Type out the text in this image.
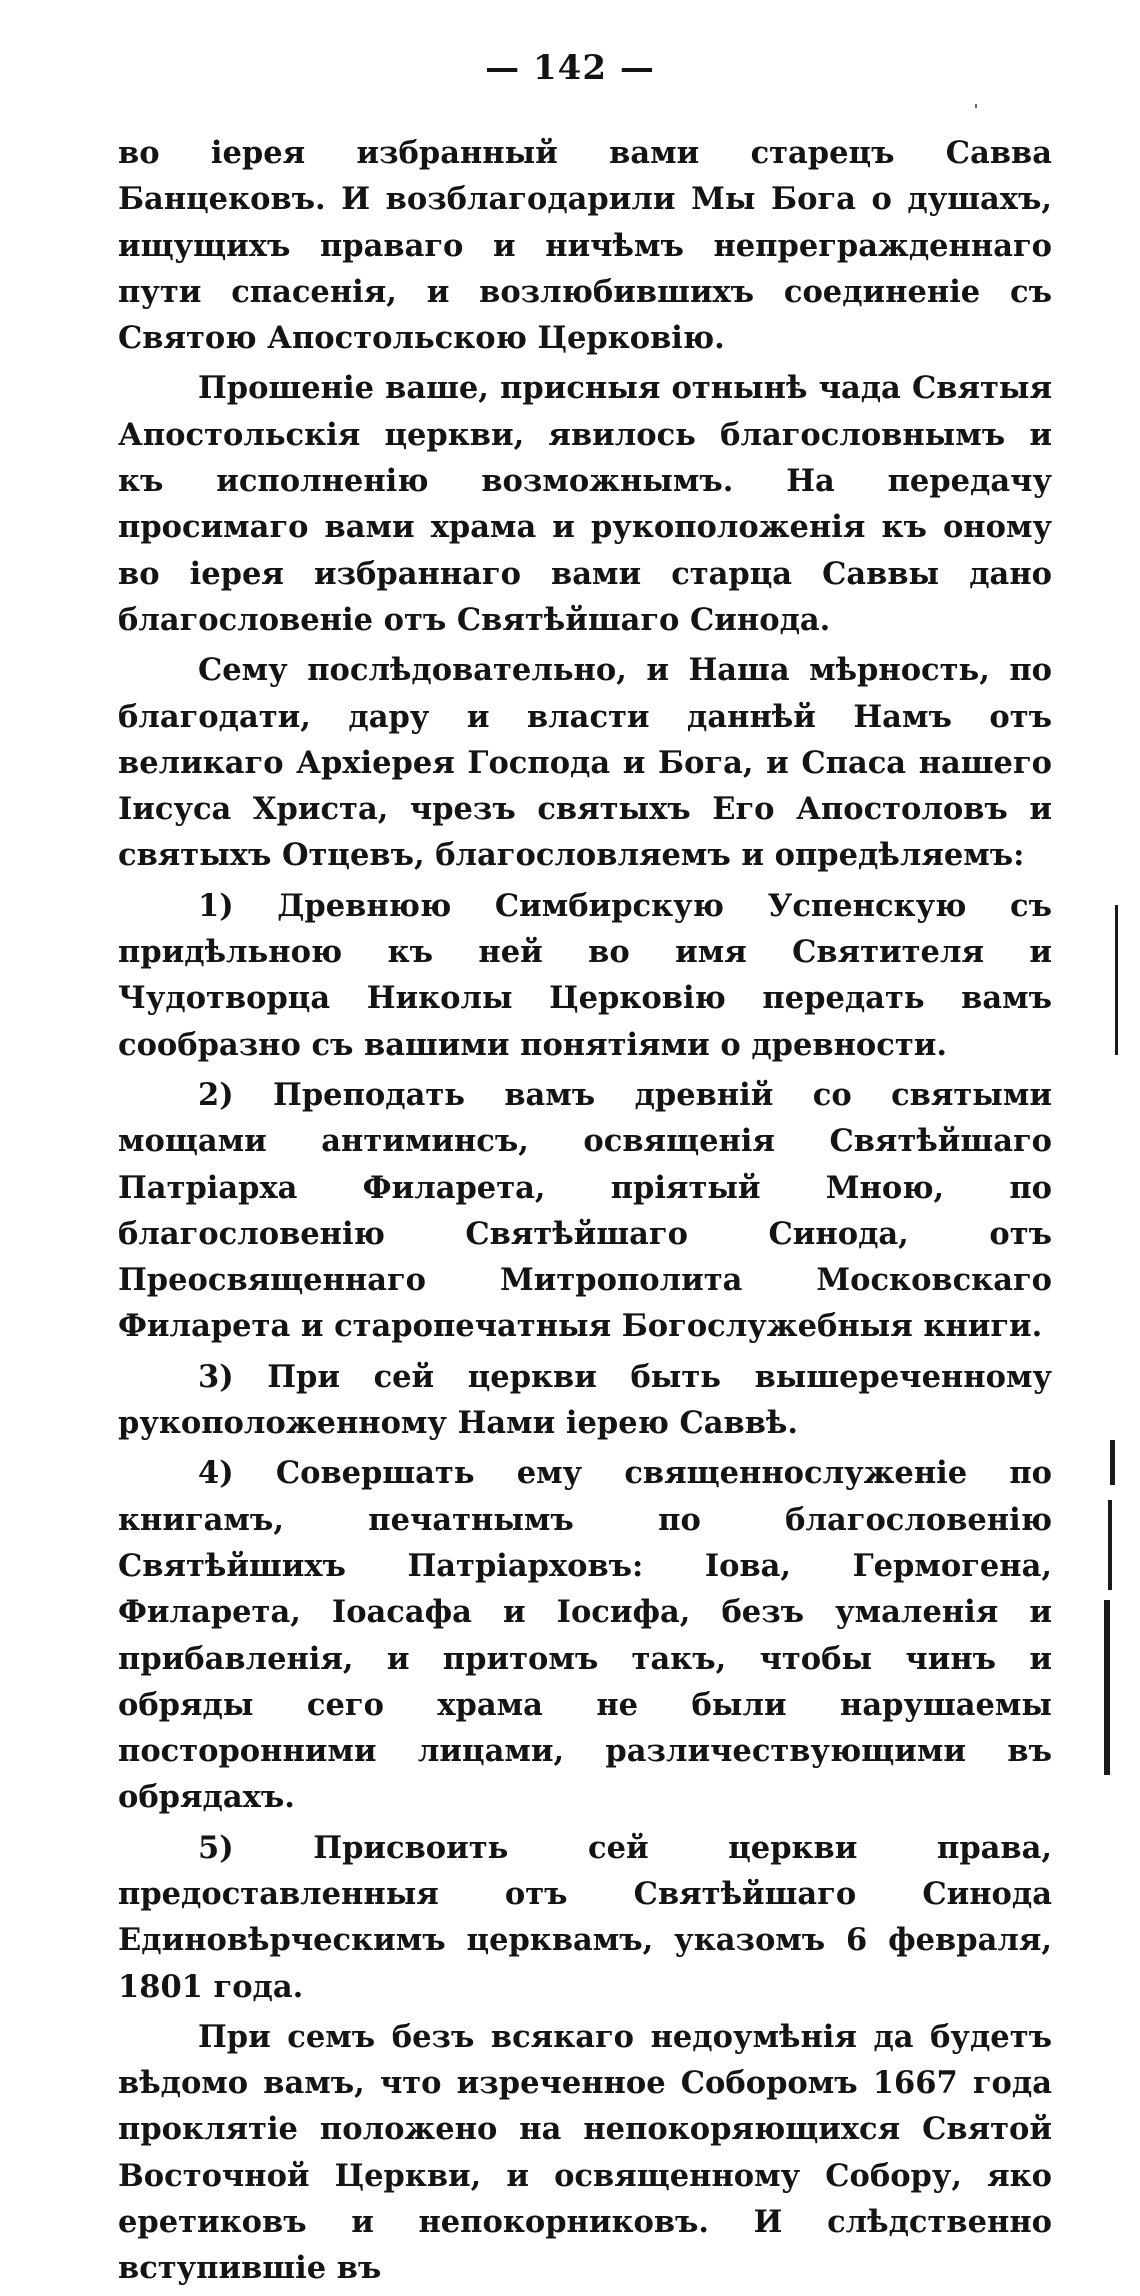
— 142 —

во іерея избранный вами старецъ Савва Банцековъ. И возблагодарили Мы Бога о душахъ, ищущихъ праваго и ничѣмъ непрегражденнаго пути спасенія, и возлюбившихъ соединеніе съ Святою Апостольскою Церковію.

Прошеніе ваше, присныя отнынѣ чада Святыя Апостольскія церкви, явилось благословнымъ и къ исполненію возможнымъ. На передачу просимаго вами храма и рукоположенія къ оному во іерея избраннаго вами старца Саввы дано благословеніе отъ Святѣйшаго Синода.

Сему послѣдовательно, и Наша мѣрность, по благодати, дару и власти даннѣй Намъ отъ великаго Архіерея Господа и Бога, и Спаса нашего Іисуса Христа, чрезъ святыхъ Его Апостоловъ и святыхъ Отцевъ, благословляемъ и опредѣляемъ:

1) Древнюю Симбирскую Успенскую съ придѣльною къ ней во имя Святителя и Чудотворца Николы Церковію передать вамъ сообразно съ вашими понятіями о древности.

2) Преподать вамъ древній со святыми мощами антиминсъ, освященія Святѣйшаго Патріарха Филарета, пріятый Мною, по благословенію Святѣйшаго Синода, отъ Преосвященнаго Митрополита Московскаго Филарета и старопечатныя Богослужебныя книги.

3) При сей церкви быть вышереченному рукоположенному Нами іерею Саввѣ.

4) Совершать ему священнослуженіе по книгамъ, печатнымъ по благословенію Святѣйшихъ Патріарховъ: Іова, Гермогена, Филарета, Іоасафа и Іосифа, безъ умаленія и прибавленія, и притомъ такъ, чтобы чинъ и обряды сего храма не были нарушаемы посторонними лицами, различествующими въ обрядахъ.

5) Присвоить сей церкви права, предоставленныя отъ Святѣйшаго Синода Единовѣрческимъ церквамъ, указомъ 6 февраля, 1801 года.

При семъ безъ всякаго недоумѣнія да будетъ вѣдомо вамъ, что изреченное Соборомъ 1667 года проклятіе положено на непокоряющихся Святой Восточной Церкви, и освященному Собору, яко еретиковъ и непокорниковъ. И слѣдственно вступившіе въ
